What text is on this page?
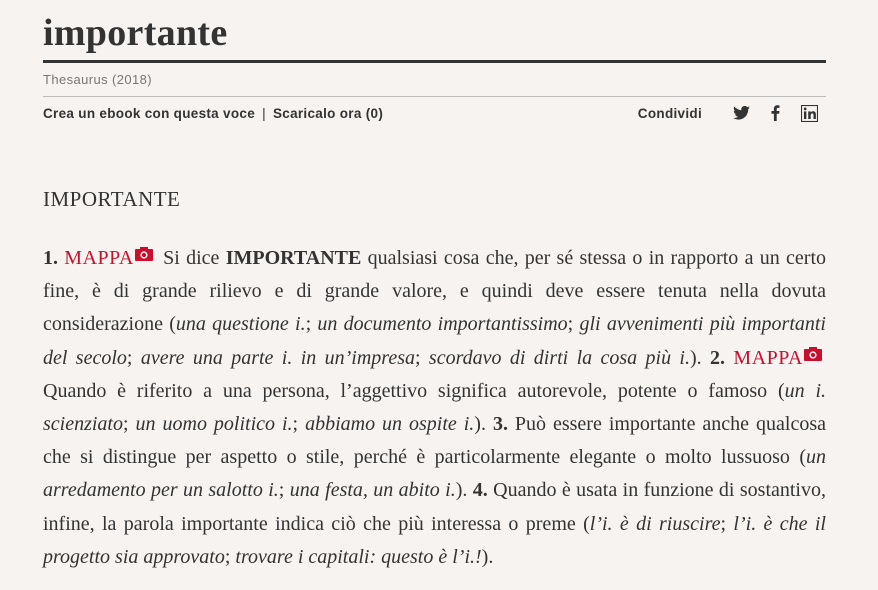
importante
Thesaurus (2018)
Crea un ebook con questa voce | Scaricalo ora (0)	Condividi
IMPORTANTE
1. MAPPA Si dice IMPORTANTE qualsiasi cosa che, per sé stessa o in rapporto a un certo fine, è di grande rilievo e di grande valore, e quindi deve essere tenuta nella dovuta considerazione (una questione i.; un documento importantissimo; gli avvenimenti più importanti del secolo; avere una parte i. in un’impresa; scordavo di dirti la cosa più i.). 2. MAPPA Quando è riferito a una persona, l’aggettivo significa autorevole, potente o famoso (un i. scienziato; un uomo politico i.; abbiamo un ospite i.). 3. Può essere importante anche qualcosa che si distingue per aspetto o stile, perché è particolarmente elegante o molto lussuoso (un arredamento per un salotto i.; una festa, un abito i.). 4. Quando è usata in funzione di sostantivo, infine, la parola importante indica ciò che più interessa o preme (l’i. è di riuscire; l’i. è che il progetto sia approvato; trovare i capitali: questo è l’i.!).
